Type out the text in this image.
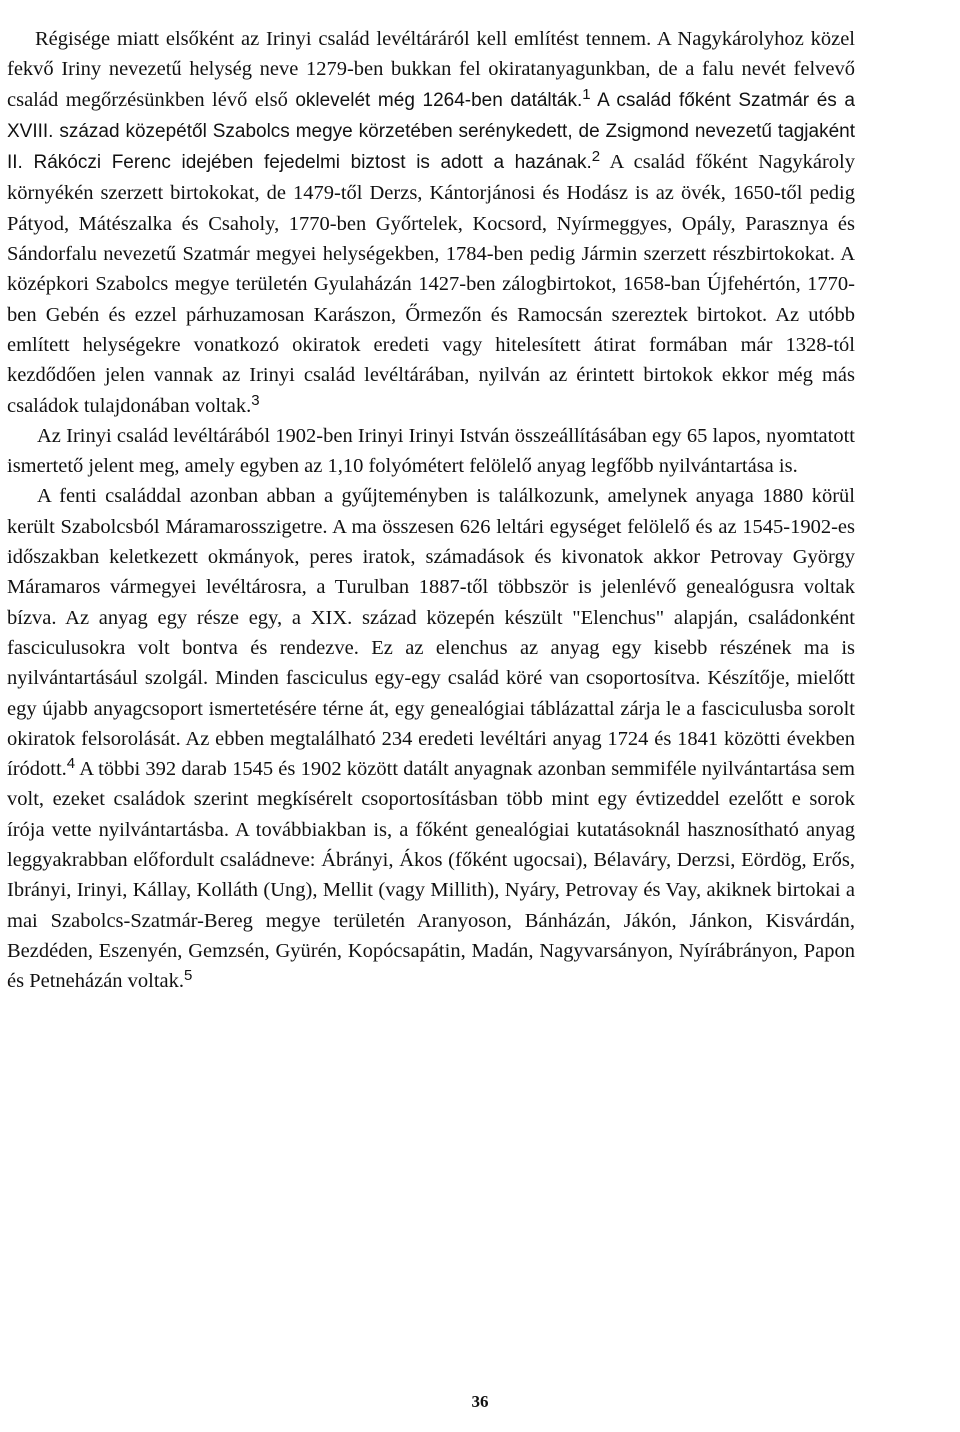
Régisége miatt elsőként az Irinyi család levéltáráról kell említést tennem. A Nagykárolyhoz közel fekvő Iriny nevezetű helység neve 1279-ben bukkan fel okiratanyagunkban, de a falu nevét felvevő család megőrzésünkben lévő első oklevelét még 1264-ben datálták.$^1$ A család főként Szatmár és a XVIII. század közepétől Szabolcs megye körzetében serénykedett, de Zsigmond nevezetű tagjaként II. Rákóczi Ferenc idejében fejedelmi biztost is adott a hazának.$^2$ A család főként Nagykároly környékén szerzett birtokokat, de 1479-től Derzs, Kántorjánosi és Hodász is az övék, 1650-től pedig Pátyod, Mátészalka és Csaholy, 1770-ben Győrtelek, Kocsord, Nyírmeggyes, Opály, Parasznya és Sándorfalu nevezetű Szatmár megyei helységekben, 1784-ben pedig Jármin szerzett részbirtokokat. A középkori Szabolcs megye területén Gyulaházán 1427-ben zálogbirtokot, 1658-ban Újfehértón, 1770-ben Gebén és ezzel párhuzamosan Karászon, Őrmezőn és Ramocsán szereztek birtokot. Az utóbb említett helységekre vonatkozó okiratok eredeti vagy hitelesített átirat formában már 1328-tól kezdődően jelen vannak az Irinyi család levéltárában, nyilván az érintett birtokok ekkor még más családok tulajdonában voltak.$^3$

Az Irinyi család levéltárából 1902-ben Irinyi Irinyi István összeállításában egy 65 lapos, nyomtatott ismertető jelent meg, amely egyben az 1,10 folyómétert felölelő anyag legfőbb nyilvántartása is.

A fenti családdal azonban abban a gyűjteményben is találkozunk, amelynek anyaga 1880 körül került Szabolcsból Máramarosszigetre. A ma összesen 626 leltári egységet felölelő és az 1545-1902-es időszakban keletkezett okmányok, peres iratok, számadások és kivonatok akkor Petrovay György Máramaros vármegyei levéltárosra, a Turulban 1887-től többször is jelenlévő genealógusra voltak bízva. Az anyag egy része egy, a XIX. század közepén készült "Elenchus" alapján, családonként fasciculusokra volt bontva és rendezve. Ez az elenchus az anyag egy kisebb részének ma is nyilvántartásául szolgál. Minden fasciculus egy-egy család köré van csoportosítva. Készítője, mielőtt egy újabb anyagcsoport ismertetésére térne át, egy genealógiai táblázattal zárja le a fasciculusba sorolt okiratok felsorolását. Az ebben megtalálható 234 eredeti levéltári anyag 1724 és 1841 közötti években íródott.$^4$ A többi 392 darab 1545 és 1902 között datált anyagnak azonban semmiféle nyilvántartása sem volt, ezeket családok szerint megkísérelt csoportosításban több mint egy évtizeddel ezelőtt e sorok írója vette nyilvántartásba. A továbbiakban is, a főként genealógiai kutatásoknál hasznosítható anyag leggyakrabban előfordult családneve: Ábrányi, Ákos (főként ugocsai), Bélaváry, Derzsi, Eördög, Erős, Ibrányi, Irinyi, Kállay, Kolláth (Ung), Mellit (vagy Millith), Nyáry, Petrovay és Vay, akiknek birtokai a mai Szabolcs-Szatmár-Bereg megye területén Aranyoson, Bánházán, Jákón, Jánkon, Kisvárdán, Bezdéden, Eszenyén, Gemzsén, Gyürén, Kopócsapátin, Madán, Nagyvarsányon, Nyírábrányon, Papon és Petneházán voltak.$^5$

36
